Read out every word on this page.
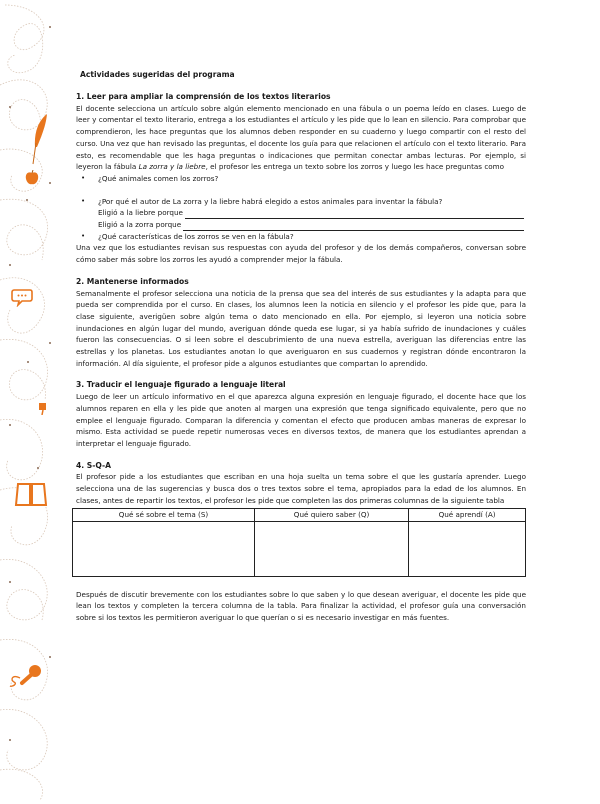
Actividades sugeridas del programa
1. Leer para ampliar la comprensión de los textos literarios

El docente selecciona un artículo sobre algún elemento mencionado en una fábula o un poema leído en clases. Luego de leer y comentar el texto literario, entrega a los estudiantes el artículo y les pide que lo lean en silencio. Para comprobar que comprendieron, les hace preguntas que los alumnos deben responder en su cuaderno y luego compartir con el resto del curso. Una vez que han revisado las preguntas, el docente los guía para que relacionen el artículo con el texto literario. Para esto, es recomendable que les haga preguntas o indicaciones que permitan conectar ambas lecturas. Por ejemplo, si leyeron la fábula La zorra y la liebre, el profesor les entrega un texto sobre los zorros y luego les hace preguntas como

• ¿Qué animales comen los zorros?
• ¿Por qué el autor de La zorra y la liebre habrá elegido a estos animales para inventar la fábula?
Eligió a la liebre porque
Eligió a la zorra porque
• ¿Qué características de los zorros se ven en la fábula?

Una vez que los estudiantes revisan sus respuestas con ayuda del profesor y de los demás compañeros, conversan sobre cómo saber más sobre los zorros les ayudó a comprender mejor la fábula.

2. Mantenerse informados

Semanalmente el profesor selecciona una noticia de la prensa que sea del interés de sus estudiantes y la adapta para que pueda ser comprendida por el curso. En clases, los alumnos leen la noticia en silencio y el profesor les pide que, para la clase siguiente, averigüen sobre algún tema o dato mencionado en ella. Por ejemplo, si leyeron una noticia sobre inundaciones en algún lugar del mundo, averiguan dónde queda ese lugar, si ya había sufrido de inundaciones y cuáles fueron las consecuencias. O si leen sobre el descubrimiento de una nueva estrella, averiguan las diferencias entre las estrellas y los planetas. Los estudiantes anotan lo que averiguaron en sus cuadernos y registran dónde encontraron la información. Al día siguiente, el profesor pide a algunos estudiantes que compartan lo aprendido.

3. Traducir el lenguaje figurado a lenguaje literal

Luego de leer un artículo informativo en el que aparezca alguna expresión en lenguaje figurado, el docente hace que los alumnos reparen en ella y les pide que anoten al margen una expresión que tenga significado equivalente, pero que no emplee el lenguaje figurado. Comparan la diferencia y comentan el efecto que producen ambas maneras de expresar lo mismo. Esta actividad se puede repetir numerosas veces en diversos textos, de manera que los estudiantes aprendan a interpretar el lenguaje figurado.

4. S-Q-A

El profesor pide a los estudiantes que escriban en una hoja suelta un tema sobre el que les gustaría aprender. Luego selecciona una de las sugerencias y busca dos o tres textos sobre el tema, apropiados para la edad de los alumnos. En clases, antes de repartir los textos, el profesor les pide que completen las dos primeras columnas de la siguiente tabla

Qué sé sobre el tema (S)	Qué quiero saber (Q)	Qué aprendí (A)

Después de discutir brevemente con los estudiantes sobre lo que saben y lo que desean averiguar, el docente les pide que lean los textos y completen la tercera columna de la tabla. Para finalizar la actividad, el profesor guía una conversación sobre si los textos les permitieron averiguar lo que querían o si es necesario investigar en más fuentes.
